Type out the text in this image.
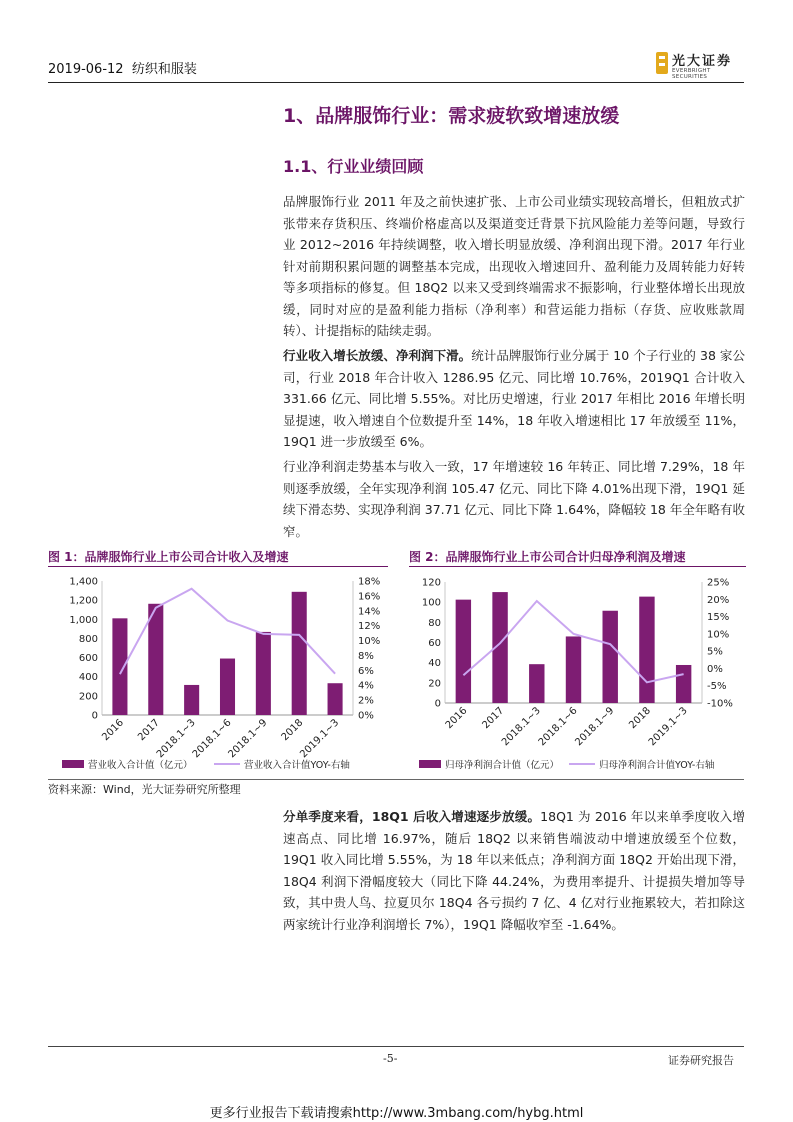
2019-06-12 纺织和服装
光大证券
EVERBRIGHT SECURITIES
1、品牌服饰行业：需求疲软致增速放缓
1.1、行业业绩回顾

品牌服饰行业 2011 年及之前快速扩张、上市公司业绩实现较高增长，但粗放式扩张带来存货积压、终端价格虚高以及渠道变迁背景下抗风险能力差等问题，导致行业 2012~2016 年持续调整，收入增长明显放缓、净利润出现下滑。2017 年行业针对前期积累问题的调整基本完成，出现收入增速回升、盈利能力及周转能力好转等多项指标的修复。但 18Q2 以来又受到终端需求不振影响，行业整体增长出现放缓，同时对应的是盈利能力指标（净利率）和营运能力指标（存货、应收账款周转）、计提指标的陆续走弱。

行业收入增长放缓、净利润下滑。统计品牌服饰行业分属于 10 个子行业的 38 家公司，行业 2018 年合计收入 1286.95 亿元、同比增 10.76%，2019Q1 合计收入 331.66 亿元、同比增 5.55%。对比历史增速，行业 2017 年相比 2016 年增长明显提速，收入增速自个位数提升至 14%，18 年收入增速相比 17 年放缓至 11%，19Q1 进一步放缓至 6%。

行业净利润走势基本与收入一致，17 年增速较 16 年转正、同比增 7.29%，18 年则逐季放缓，全年实现净利润 105.47 亿元、同比下降 4.01%出现下滑，19Q1 延续下滑态势、实现净利润 37.71 亿元、同比下降 1.64%，降幅较 18 年全年略有收窄。

图 1：品牌服饰行业上市公司合计收入及增速	图 2：品牌服饰行业上市公司合计归母净利润及增速
0
200
400
600
800
1,000
1,200
1,400
0%
2%
4%
6%
8%
10%
12%
14%
16%
18%
2016 2017
2018.1~3
2018.1~6
2018.1~9 2018
2019.1~3
营业收入合计值（亿元）	营业收入合计值YOY-右轴
0
20
40
60
80
100
120
-10%
-5%
0%
5%
10%
15%
20%
25%
2016 2017
2018.1~3
2018.1~6
2018.1~9 2018
2019.1~3
归母净利润合计值（亿元）	归母净利润合计值YOY-右轴
资料来源：Wind，光大证券研究所整理

分单季度来看，18Q1 后收入增速逐步放缓。18Q1 为 2016 年以来单季度收入增速高点、同比增 16.97%，随后 18Q2 以来销售端波动中增速放缓至个位数，19Q1 收入同比增 5.55%，为 18 年以来低点；净利润方面 18Q2 开始出现下滑，18Q4 利润下滑幅度较大（同比下降 44.24%，为费用率提升、计提损失增加等导致，其中贵人鸟、拉夏贝尔 18Q4 各亏损约 7 亿、4 亿对行业拖累较大，若扣除这两家统计行业净利润增长 7%），19Q1 降幅收窄至 -1.64%。

-5-	证券研究报告
更多行业报告下载请搜索http://www.3mbang.com/hybg.html
